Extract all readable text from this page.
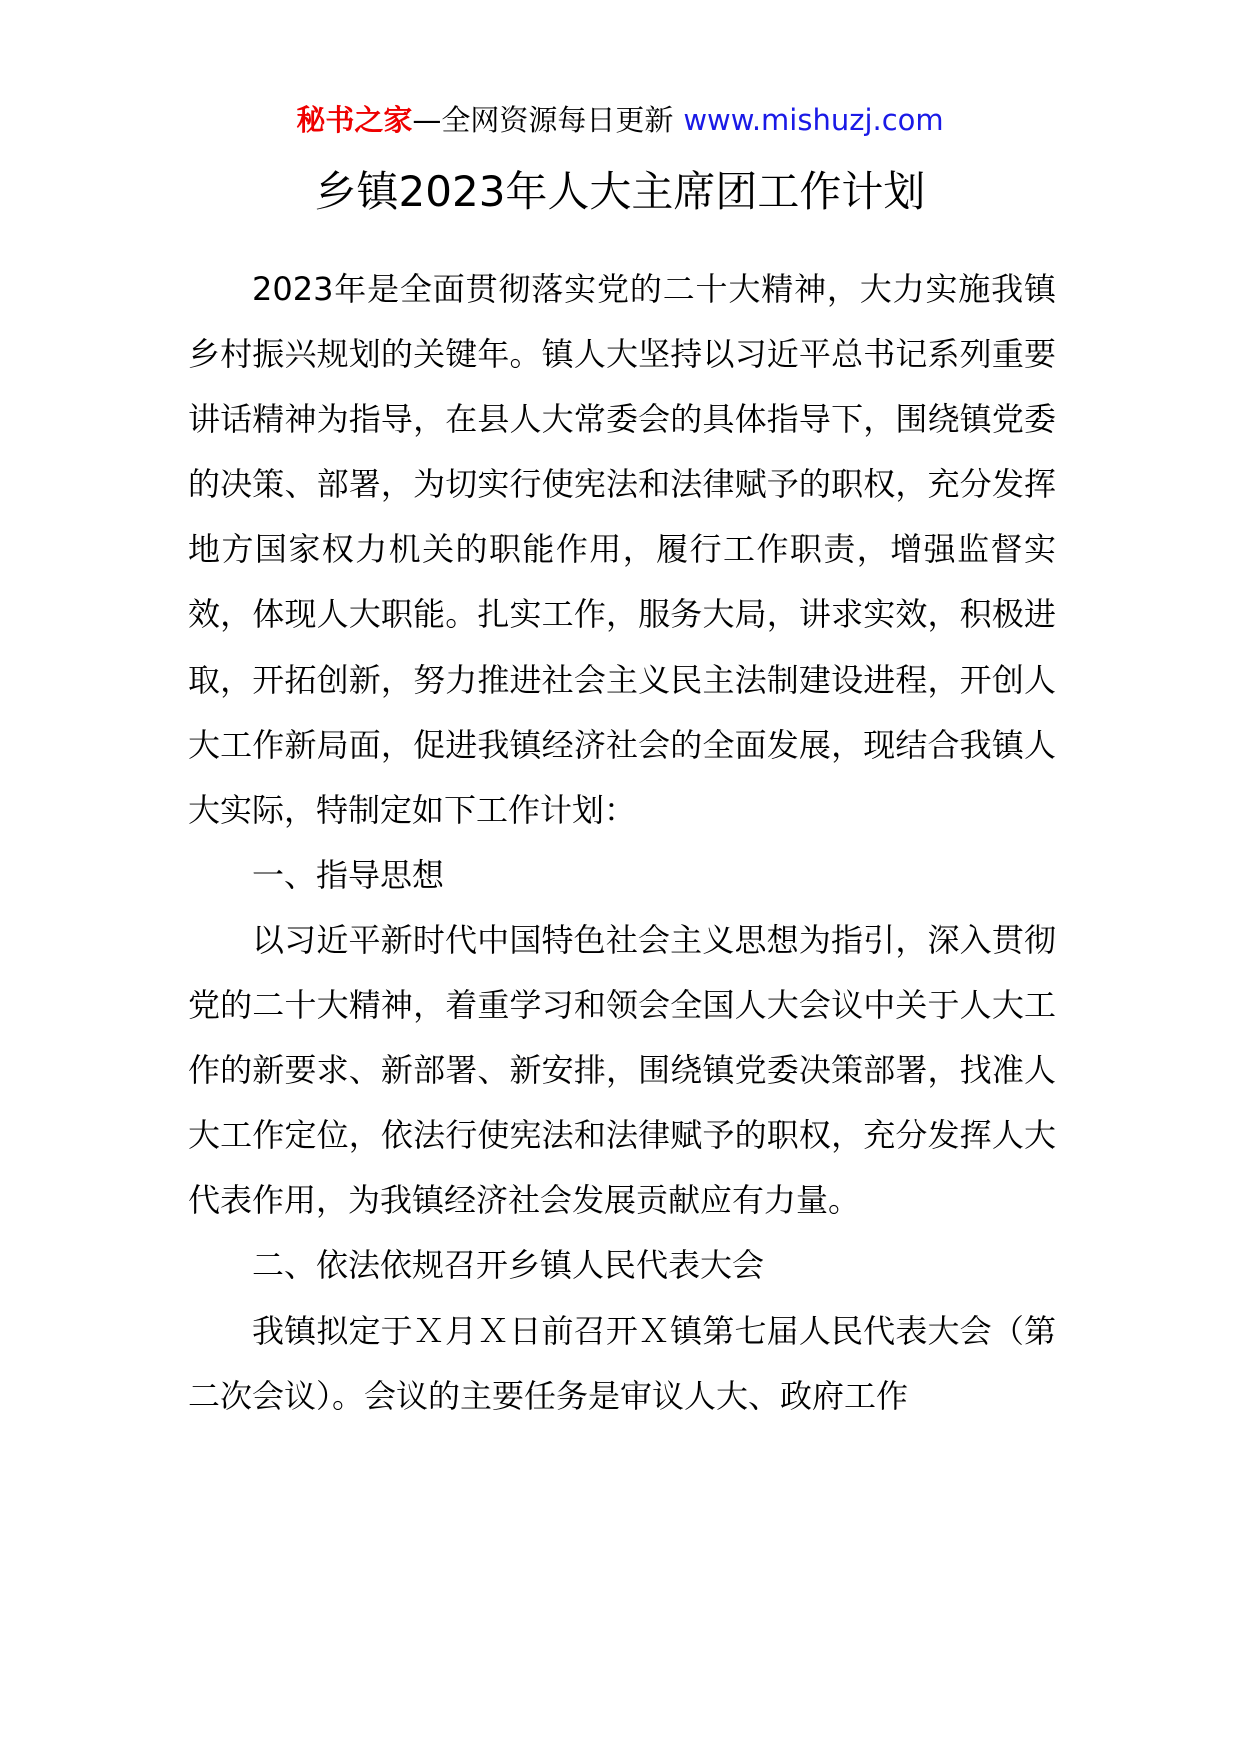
秘书之家—全网资源每日更新 www.mishuzj.com
乡镇2023年人大主席团工作计划

2023年是全面贯彻落实党的二十大精神，大力实施我镇乡村振兴规划的关键年。镇人大坚持以习近平总书记系列重要讲话精神为指导，在县人大常委会的具体指导下，围绕镇党委的决策、部署，为切实行使宪法和法律赋予的职权，充分发挥地方国家权力机关的职能作用，履行工作职责，增强监督实效，体现人大职能。扎实工作，服务大局，讲求实效，积极进取，开拓创新，努力推进社会主义民主法制建设进程，开创人大工作新局面，促进我镇经济社会的全面发展，现结合我镇人大实际，特制定如下工作计划：

一、指导思想

以习近平新时代中国特色社会主义思想为指引，深入贯彻党的二十大精神，着重学习和领会全国人大会议中关于人大工作的新要求、新部署、新安排，围绕镇党委决策部署，找准人大工作定位，依法行使宪法和法律赋予的职权，充分发挥人大代表作用，为我镇经济社会发展贡献应有力量。

二、依法依规召开乡镇人民代表大会

我镇拟定于Ｘ月Ｘ日前召开Ｘ镇第七届人民代表大会（第二次会议）。会议的主要任务是审议人大、政府工作
